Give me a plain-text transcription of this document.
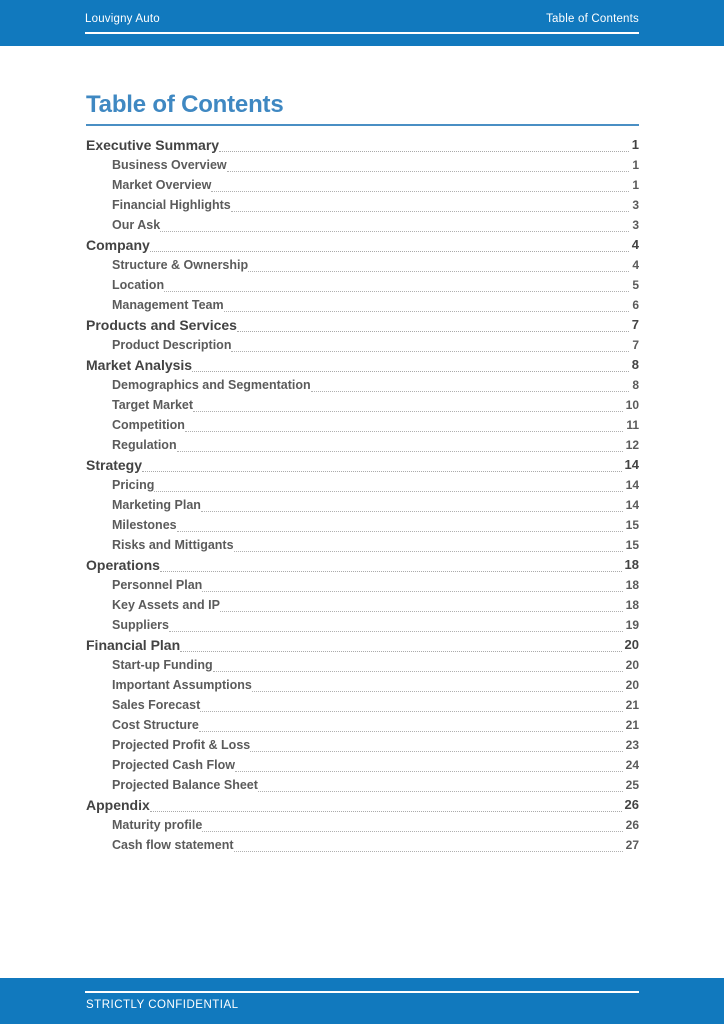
Louvigny Auto	Table of Contents
Table of Contents
Executive Summary	1
Business Overview	1
Market Overview	1
Financial Highlights	3
Our Ask	3
Company	4
Structure & Ownership	4
Location	5
Management Team	6
Products and Services	7
Product Description	7
Market Analysis	8
Demographics and Segmentation	8
Target Market	10
Competition	11
Regulation	12
Strategy	14
Pricing	14
Marketing Plan	14
Milestones	15
Risks and Mittigants	15
Operations	18
Personnel Plan	18
Key Assets and IP	18
Suppliers	19
Financial Plan	20
Start-up Funding	20
Important Assumptions	20
Sales Forecast	21
Cost Structure	21
Projected Profit & Loss	23
Projected Cash Flow	24
Projected Balance Sheet	25
Appendix	26
Maturity profile	26
Cash flow statement	27
STRICTLY CONFIDENTIAL
